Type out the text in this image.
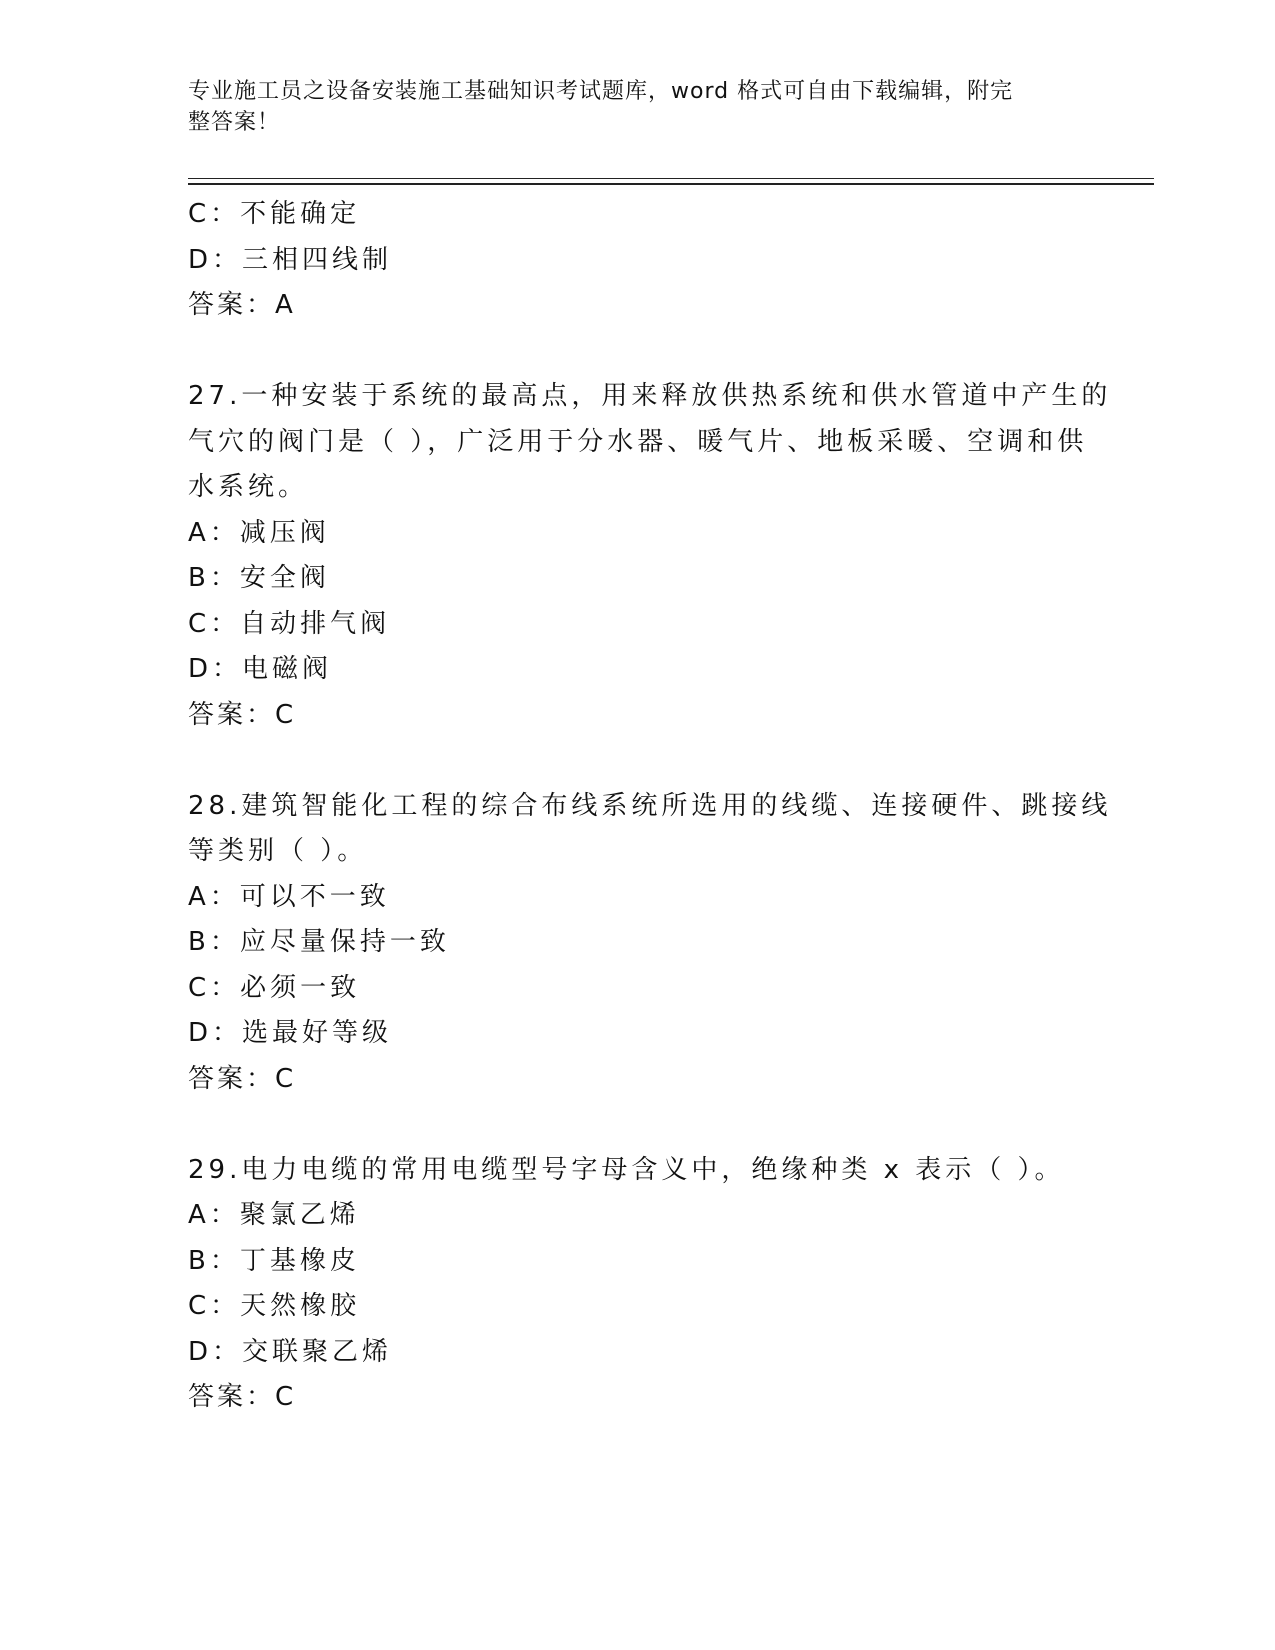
专业施工员之设备安装施工基础知识考试题库，word 格式可自由下载编辑，附完
整答案！
C：不能确定
D：三相四线制
答案：A
27.一种安装于系统的最高点，用来释放供热系统和供水管道中产生的
气穴的阀门是（ ），广泛用于分水器、暖气片、地板采暖、空调和供
水系统。
A：减压阀
B：安全阀
C：自动排气阀
D：电磁阀
答案：C
28.建筑智能化工程的综合布线系统所选用的线缆、连接硬件、跳接线
等类别（ ）。
A：可以不一致
B：应尽量保持一致
C：必须一致
D：选最好等级
答案：C
29.电力电缆的常用电缆型号字母含义中，绝缘种类 x 表示（ ）。
A：聚氯乙烯
B：丁基橡皮
C：天然橡胶
D：交联聚乙烯
答案：C
